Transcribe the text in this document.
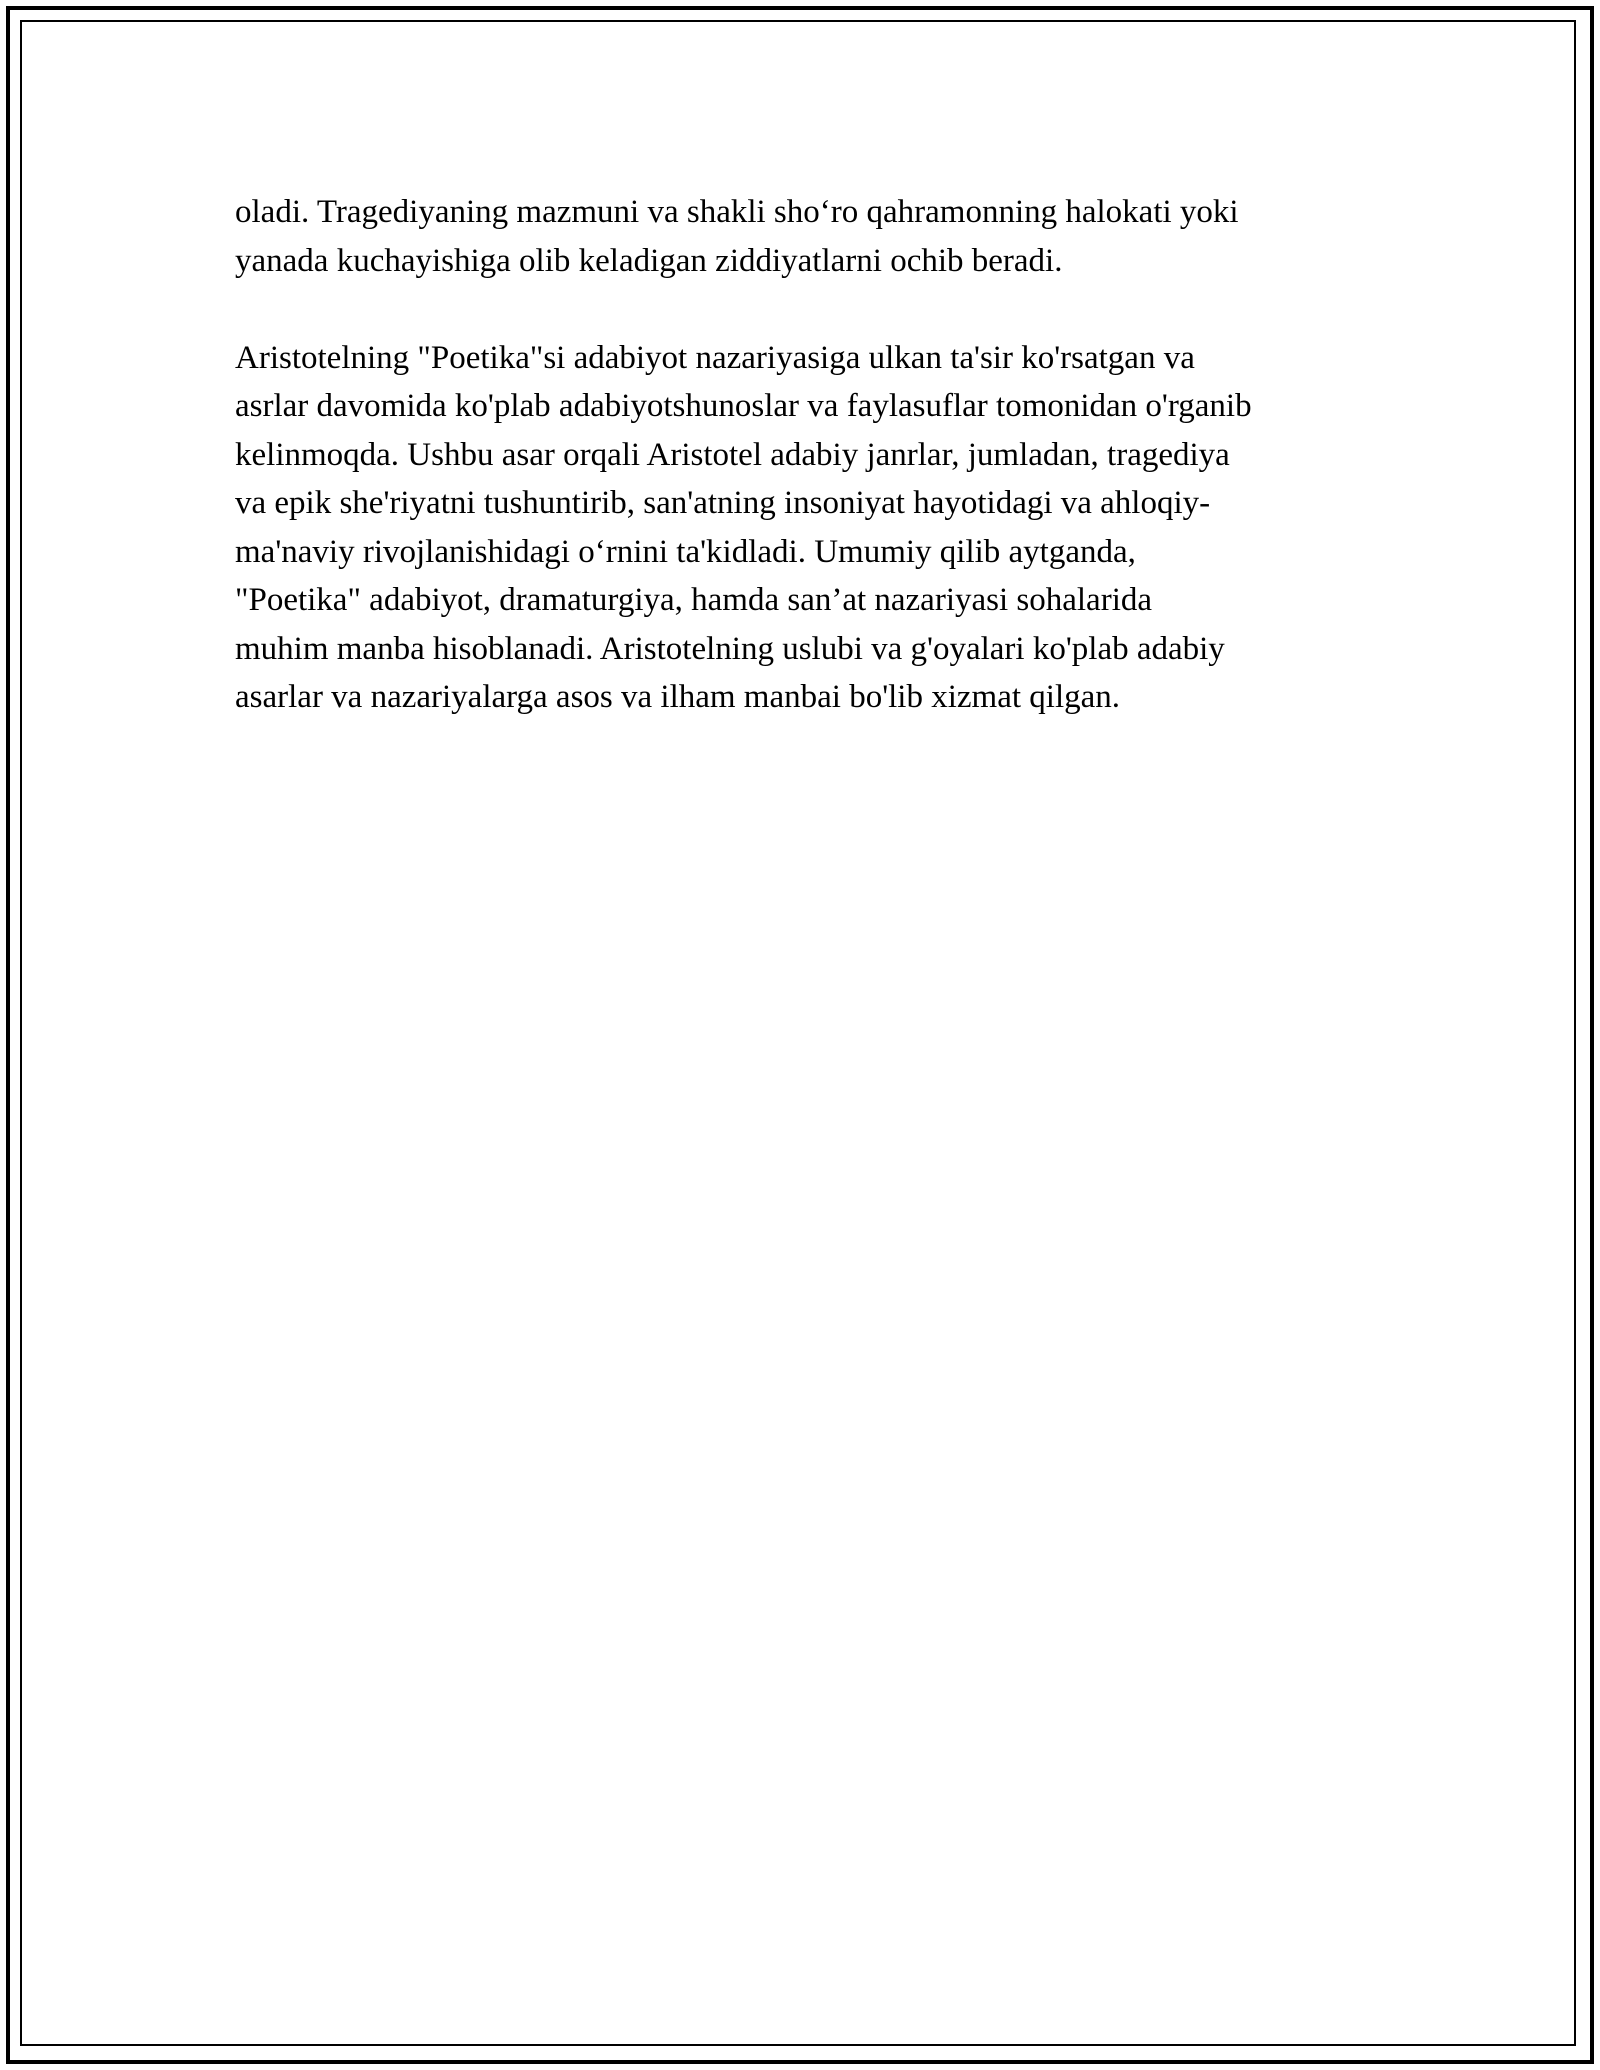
oladi. Tragediyaning mazmuni va shakli sho‘ro qahramonning halokati yoki
yanada kuchayishiga olib keladigan ziddiyatlarni ochib beradi.

Aristotelning "Poetika"si adabiyot nazariyasiga ulkan ta'sir ko'rsatgan va
asrlar davomida ko'plab adabiyotshunoslar va faylasuflar tomonidan o'rganib
kelinmoqda. Ushbu asar orqali Aristotel adabiy janrlar, jumladan, tragediya
va epik she'riyatni tushuntirib, san'atning insoniyat hayotidagi va ahloqiy-
ma'naviy rivojlanishidagi o‘rnini ta'kidladi. Umumiy qilib aytganda,
"Poetika" adabiyot, dramaturgiya, hamda san’at nazariyasi sohalarida
muhim manba hisoblanadi. Aristotelning uslubi va g'oyalari ko'plab adabiy
asarlar va nazariyalarga asos va ilham manbai bo'lib xizmat qilgan.
